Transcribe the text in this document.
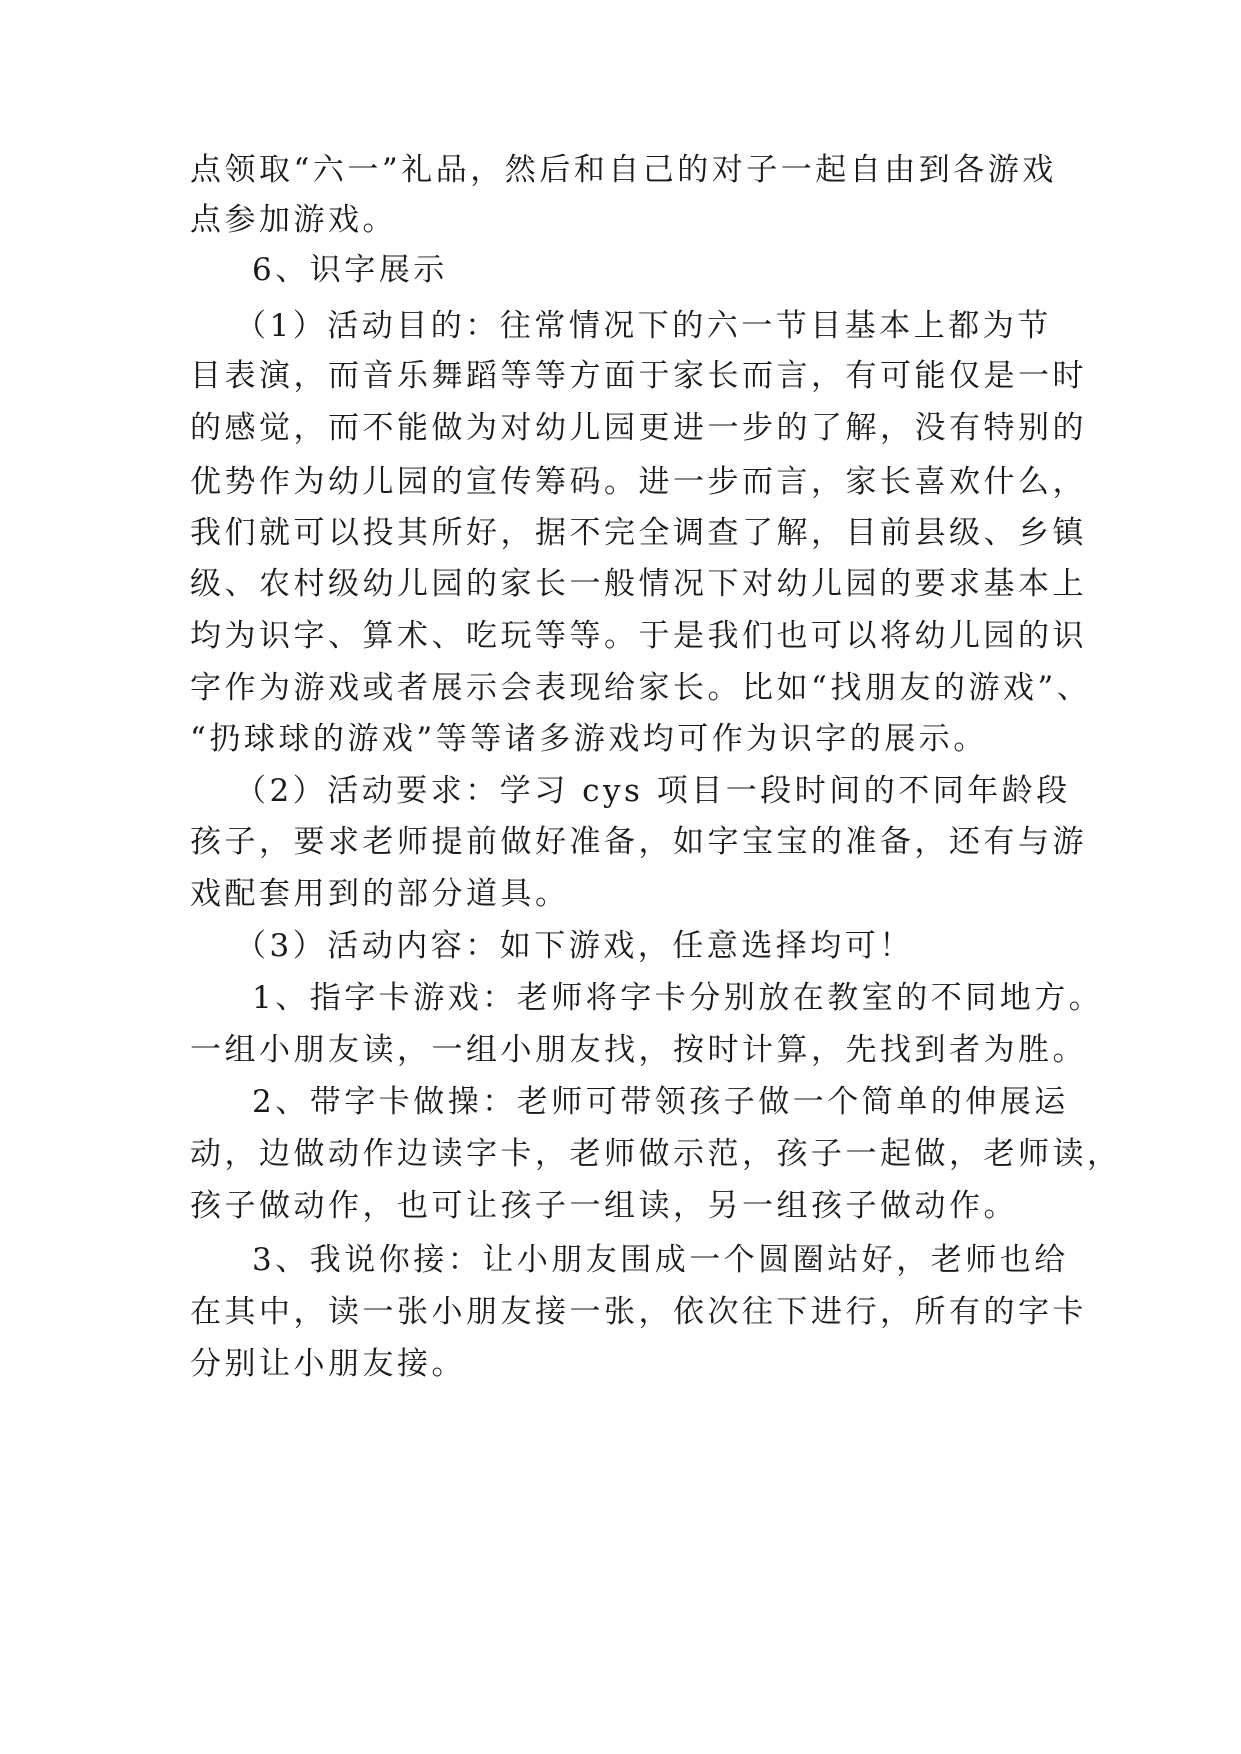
点领取“六一”礼品，然后和自己的对子一起自由到各游戏
点参加游戏。
6、识字展示
（1）活动目的：往常情况下的六一节目基本上都为节
目表演，而音乐舞蹈等等方面于家长而言，有可能仅是一时
的感觉，而不能做为对幼儿园更进一步的了解，没有特别的
优势作为幼儿园的宣传筹码。进一步而言，家长喜欢什么，
我们就可以投其所好，据不完全调查了解，目前县级、乡镇
级、农村级幼儿园的家长一般情况下对幼儿园的要求基本上
均为识字、算术、吃玩等等。于是我们也可以将幼儿园的识
字作为游戏或者展示会表现给家长。比如“找朋友的游戏”、
“扔球球的游戏”等等诸多游戏均可作为识字的展示。
（2）活动要求：学习 cys 项目一段时间的不同年龄段
孩子，要求老师提前做好准备，如字宝宝的准备，还有与游
戏配套用到的部分道具。
（3）活动内容：如下游戏，任意选择均可！
1、指字卡游戏：老师将字卡分别放在教室的不同地方。
一组小朋友读，一组小朋友找，按时计算，先找到者为胜。
2、带字卡做操：老师可带领孩子做一个简单的伸展运
动，边做动作边读字卡，老师做示范，孩子一起做，老师读，
孩子做动作，也可让孩子一组读，另一组孩子做动作。
3、我说你接：让小朋友围成一个圆圈站好，老师也给
在其中，读一张小朋友接一张，依次往下进行，所有的字卡
分别让小朋友接。
